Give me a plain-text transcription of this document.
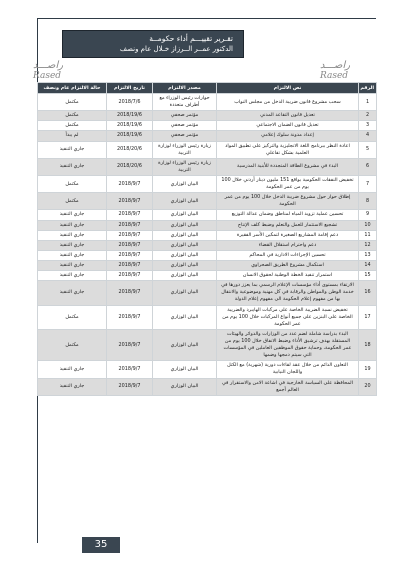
تقـرير تقييـــم أداء حكومــة
الدكتور عمــر الــرزاز خـلال عام ونصف
راصـــد
Rased
راصـــد
Rased
الرقم	نص الالتزام	مصدر الالتزام	تاريخ الالتزام	حالة الالتزام عام ونصف
1	سحب مشروع قانون ضريبة الدخل من مجلس النواب	حوارات رئيس الوزراء مع أطراف متعددة	2018/7/6	مكتمل
2	تعديل قانون التقاعد المدني	مؤتمر صحفي	2018/19/6	مكتمل
3	تعديل قانون الضمان الاجتماعي	مؤتمر صحفي	2018/19/6	مكتمل
4	إعداد مدونة سلوك إعلامي	مؤتمر صحفي	2018/19/6	لم يبدأ
5	اعادة النظر ببرنامج اللغة الانجليزية والتركيز على تطبيق المواد العلمية بشكل تفاعلي	زيارة رئيس الوزراء لوزارة التربية	2018/20/6	جاري التنفيذ
6	البدء في مشروع الطاقة المتجددة للأبنية المدرسية	زيارة رئيس الوزراء لوزارة التربية	2018/20/6	جاري التنفيذ
7	تخفيض النفقات الحكومية بواقع 151 مليون دينار أردني خلال 100 يوم من عمر الحكومة	البيان الوزاري	2018/9/7	مكتمل
8	إطلاق حوار حول مشروع ضريبة الدخل خلال 100 يوم من عمر الحكومة	البيان الوزاري	2018/9/7	مكتمل
9	تحسين عملية تزويد المياه لمناطق وضمان عدالة التوزيع	البيان الوزاري	2018/9/7	جاري التنفيذ
10	تشجيع الاستثمار للعمل والتعلم وضبط كلف الإنتاج	البيان الوزاري	2018/9/7	جاري التنفيذ
11	دعم إقامة المشاريع الصغيرة لتمكين الأسر الفقيرة	البيان الوزاري	2018/9/7	جاري التنفيذ
12	دعم واحترام استقلال القضاء	البيان الوزاري	2018/9/7	جاري التنفيذ
13	تحسين الإجراءات الادارية في المحاكم	البيان الوزاري	2018/9/7	جاري التنفيذ
14	استكمال مشروع الطريق الصحراوي	البيان الوزاري	2018/9/7	جاري التنفيذ
15	استمرار تنفيذ الخطة الوطنية لحقوق الانسان	البيان الوزاري	2018/9/7	جاري التنفيذ
16	الارتقاء بمستوى أداء مؤسسات الإعلام الرسمي بما يعزز دورها في خدمة الوطن والمواطن والرقابة في كل مهنية وموضوعية والانتقال بها من مفهوم إعلام الحكومة الى مفهوم إعلام الدولة	البيان الوزاري	2018/9/7	جاري التنفيذ
17	تخفيض نسبة الضريبة الخاصة على مركبات الهايبرد والضريبة الخاصة على البنزين على جميع أنواع المركبات خلال 100 يوم من عمر الحكومة	البيان الوزاري	2018/9/7	مكتمل
18	البدء بدراسة شاملة لضم عدد من الوزارات والدوائر والهيئات المستقلة بهدف ترشيق الأداء وضبط الانفاق خلال 100 يوم من عمر الحكومة، وحماية حقوق الموظفين العاملين في المؤسسات التي سيتم دمجها وضمها	البيان الوزاري	2018/9/7	مكتمل
19	التعاون الدائم من خلال عقد لقاءات دورية (شهرية) مع الكتل واللجان النيابية	البيان الوزاري	2018/9/7	جاري التنفيذ
20	المحافظة على السياسة الخارجية في اشاعة الامن والاستقرار في العالم أجمع	البيان الوزاري	2018/9/7	جاري التنفيذ
35
